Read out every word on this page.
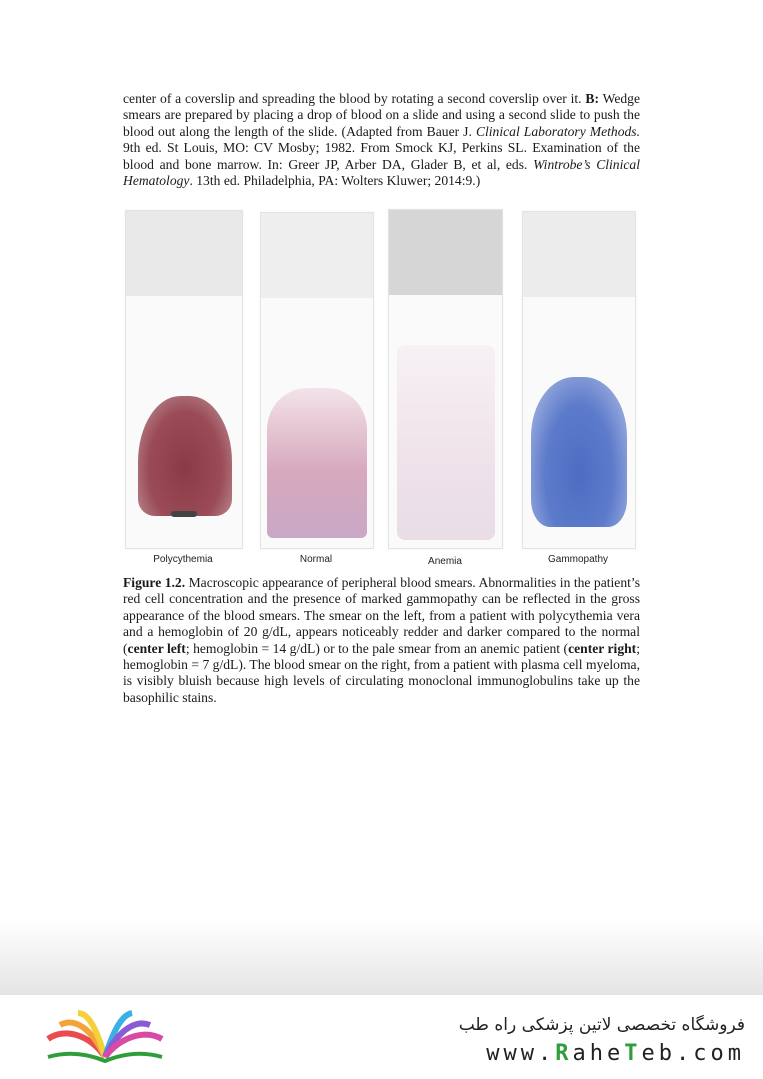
center of a coverslip and spreading the blood by rotating a second coverslip over it. B: Wedge smears are prepared by placing a drop of blood on a slide and using a second slide to push the blood out along the length of the slide. (Adapted from Bauer J. Clinical Laboratory Methods. 9th ed. St Louis, MO: CV Mosby; 1982. From Smock KJ, Perkins SL. Examination of the blood and bone marrow. In: Greer JP, Arber DA, Glader B, et al, eds. Wintrobe’s Clinical Hematology. 13th ed. Philadelphia, PA: Wolters Kluwer; 2014:9.)
Polycythemia	Normal	Anemia	Gammopathy
Figure 1.2. Macroscopic appearance of peripheral blood smears. Abnormalities in the patient’s red cell concentration and the presence of marked gammopathy can be reflected in the gross appearance of the blood smears. The smear on the left, from a patient with polycythemia vera and a hemoglobin of 20 g/dL, appears noticeably redder and darker compared to the normal (center left; hemoglobin = 14 g/dL) or to the pale smear from an anemic patient (center right; hemoglobin = 7 g/dL). The blood smear on the right, from a patient with plasma cell myeloma, is visibly bluish because high levels of circulating monoclonal immunoglobulins take up the basophilic stains.
فروشگاه تخصصی لاتین پزشکی راه طب
www.RaheTeb.com
